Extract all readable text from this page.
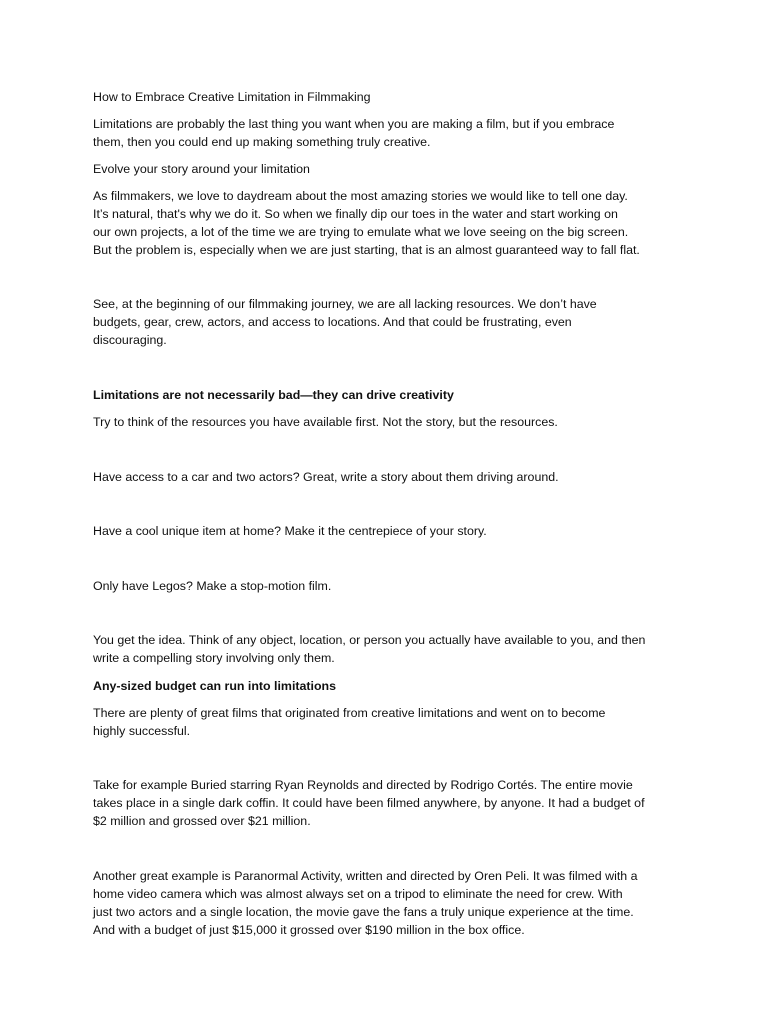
How to Embrace Creative Limitation in Filmmaking

Limitations are probably the last thing you want when you are making a film, but if you embrace

them, then you could end up making something truly creative.

Evolve your story around your limitation

As filmmakers, we love to daydream about the most amazing stories we would like to tell one day.

It’s natural, that's why we do it. So when we finally dip our toes in the water and start working on

our own projects, a lot of the time we are trying to emulate what we love seeing on the big screen.

But the problem is, especially when we are just starting, that is an almost guaranteed way to fall flat.

See, at the beginning of our filmmaking journey, we are all lacking resources. We don’t have

budgets, gear, crew, actors, and access to locations. And that could be frustrating, even

discouraging.

Limitations are not necessarily bad—they can drive creativity

Try to think of the resources you have available first. Not the story, but the resources.

Have access to a car and two actors? Great, write a story about them driving around.

Have a cool unique item at home? Make it the centrepiece of your story.

Only have Legos? Make a stop-motion film.

You get the idea. Think of any object, location, or person you actually have available to you, and then

write a compelling story involving only them.

Any-sized budget can run into limitations

There are plenty of great films that originated from creative limitations and went on to become

highly successful.

Take for example Buried starring Ryan Reynolds and directed by Rodrigo Cortés. The entire movie

takes place in a single dark coffin. It could have been filmed anywhere, by anyone. It had a budget of

$2 million and grossed over $21 million.

Another great example is Paranormal Activity, written and directed by Oren Peli. It was filmed with a

home video camera which was almost always set on a tripod to eliminate the need for crew. With

just two actors and a single location, the movie gave the fans a truly unique experience at the time.

And with a budget of just $15,000 it grossed over $190 million in the box office.
